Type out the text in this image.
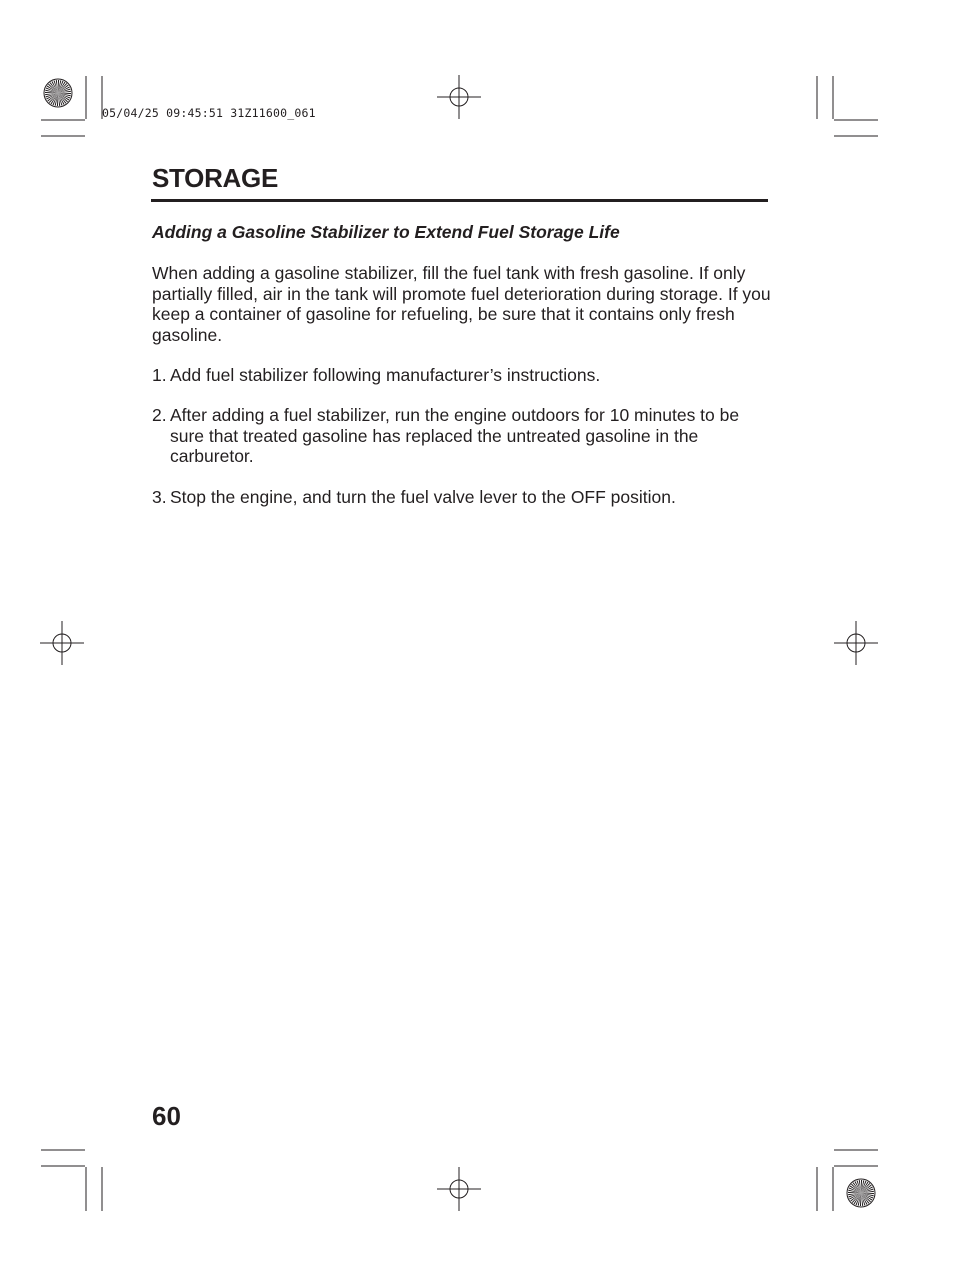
05/04/25 09:45:51 31Z11600_061
STORAGE
Adding a Gasoline Stabilizer to Extend Fuel Storage Life
When adding a gasoline stabilizer, fill the fuel tank with fresh gasoline. If only partially filled, air in the tank will promote fuel deterioration during storage. If you keep a container of gasoline for refueling, be sure that it contains only fresh gasoline.
1. Add fuel stabilizer following manufacturer’s instructions.
2. After adding a fuel stabilizer, run the engine outdoors for 10 minutes to be sure that treated gasoline has replaced the untreated gasoline in the carburetor.
3. Stop the engine, and turn the fuel valve lever to the OFF position.
60
